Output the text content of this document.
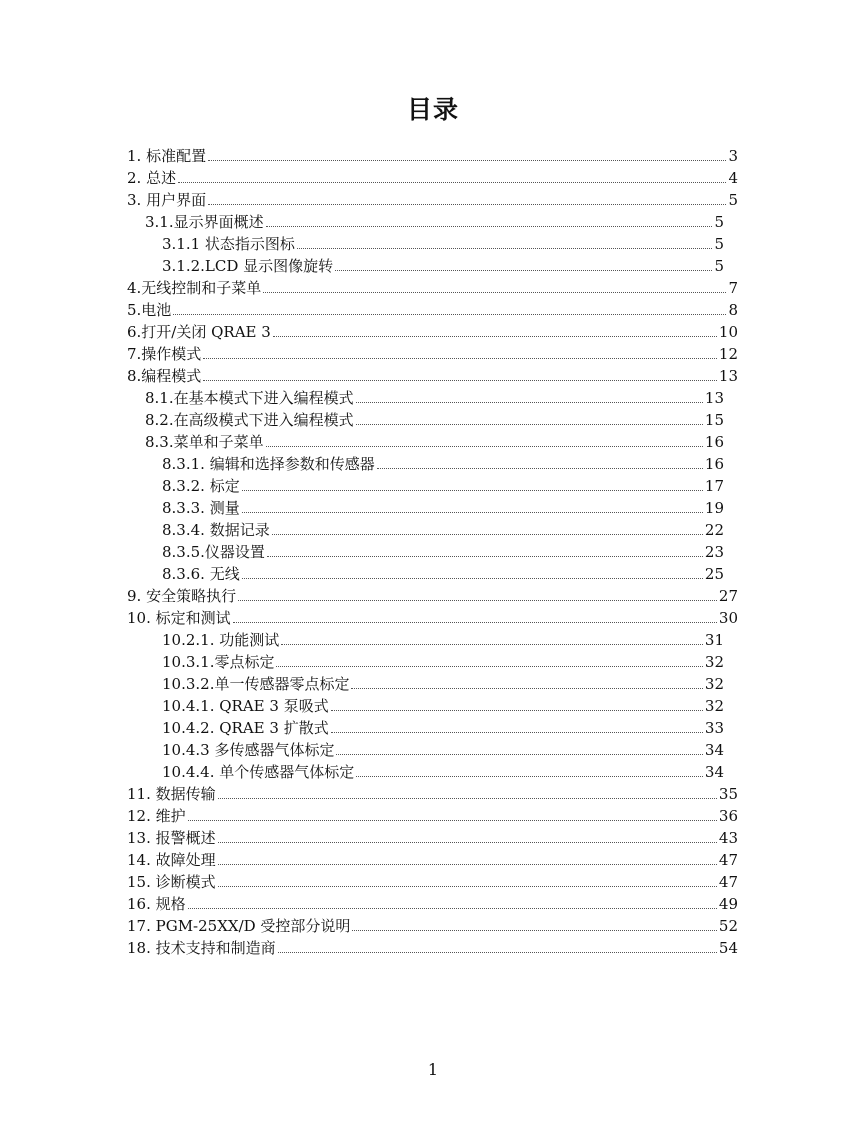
目录
1. 标准配置	3
2. 总述	4
3. 用户界面	5
3.1.显示界面概述	5
3.1.1 状态指示图标	5
3.1.2.LCD 显示图像旋转	5
4.无线控制和子菜单	7
5.电池	8
6.打开/关闭 QRAE 3	10
7.操作模式	12
8.编程模式	13
8.1.在基本模式下进入编程模式	13
8.2.在高级模式下进入编程模式	15
8.3.菜单和子菜单	16
8.3.1. 编辑和选择参数和传感器	16
8.3.2. 标定	17
8.3.3. 测量	19
8.3.4. 数据记录	22
8.3.5.仪器设置	23
8.3.6. 无线	25
9. 安全策略执行	27
10. 标定和测试	30
10.2.1. 功能测试	31
10.3.1.零点标定	32
10.3.2.单一传感器零点标定	32
10.4.1. QRAE 3 泵吸式	32
10.4.2. QRAE 3 扩散式	33
10.4.3 多传感器气体标定	34
10.4.4. 单个传感器气体标定	34
11. 数据传输	35
12. 维护	36
13. 报警概述	43
14. 故障处理	47
15. 诊断模式	47
16. 规格	49
17. PGM-25XX/D 受控部分说明	52
18. 技术支持和制造商	54
1
